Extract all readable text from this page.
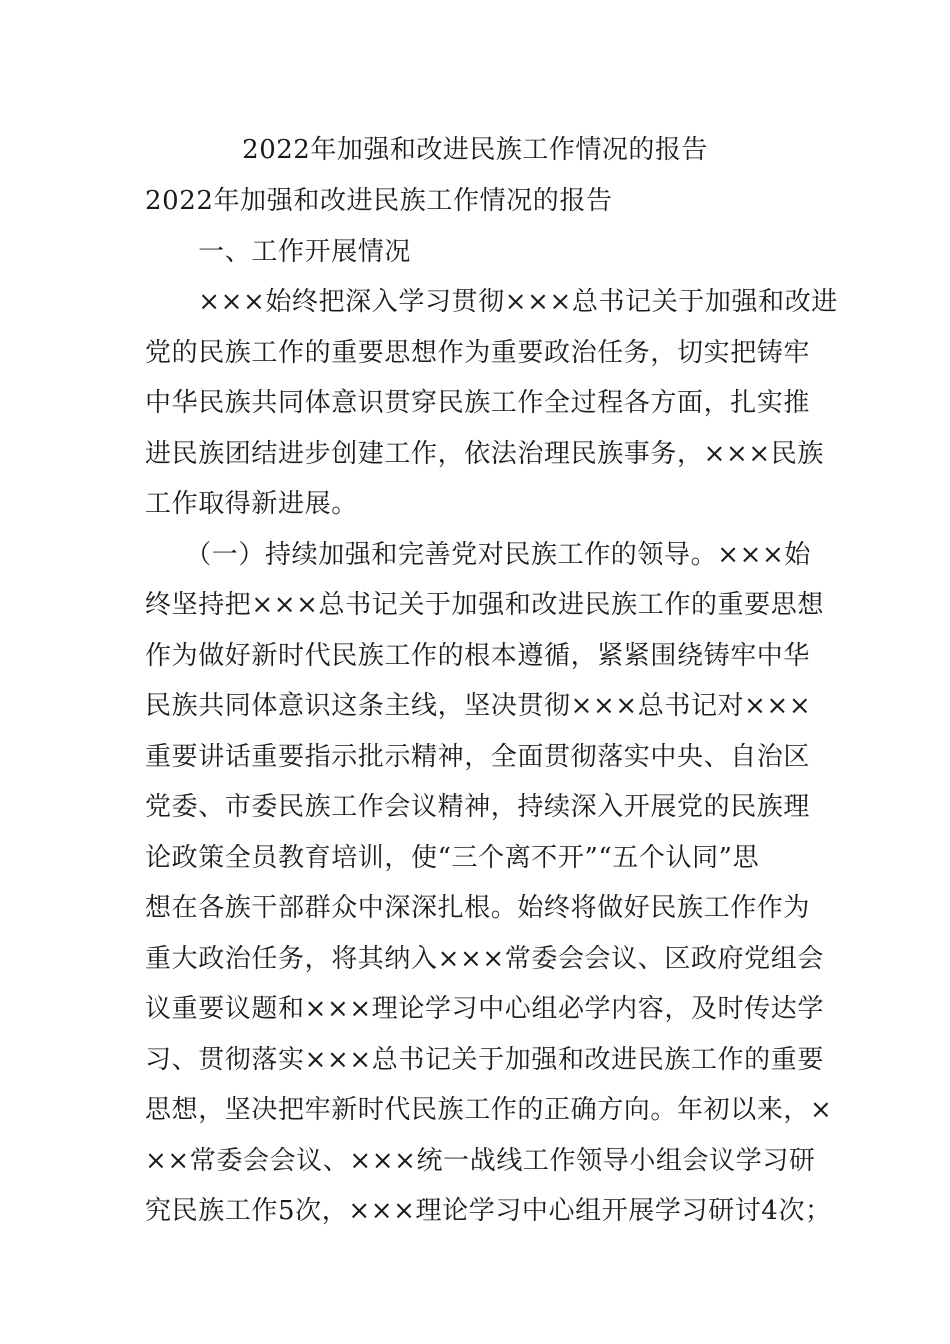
2022年加强和改进民族工作情况的报告
2022年加强和改进民族工作情况的报告
　　一、工作开展情况
　　×××始终把深入学习贯彻×××总书记关于加强和改进
党的民族工作的重要思想作为重要政治任务，切实把铸牢
中华民族共同体意识贯穿民族工作全过程各方面，扎实推
进民族团结进步创建工作，依法治理民族事务，×××民族
工作取得新进展。
　　（一）持续加强和完善党对民族工作的领导。×××始
终坚持把×××总书记关于加强和改进民族工作的重要思想
作为做好新时代民族工作的根本遵循，紧紧围绕铸牢中华
民族共同体意识这条主线，坚决贯彻×××总书记对×××
重要讲话重要指示批示精神，全面贯彻落实中央、自治区
党委、市委民族工作会议精神，持续深入开展党的民族理
论政策全员教育培训，使“三个离不开”“五个认同”思
想在各族干部群众中深深扎根。始终将做好民族工作作为
重大政治任务，将其纳入×××常委会会议、区政府党组会
议重要议题和×××理论学习中心组必学内容，及时传达学
习、贯彻落实×××总书记关于加强和改进民族工作的重要
思想，坚决把牢新时代民族工作的正确方向。年初以来，×
××常委会会议、×××统一战线工作领导小组会议学习研
究民族工作5次，×××理论学习中心组开展学习研讨4次；
